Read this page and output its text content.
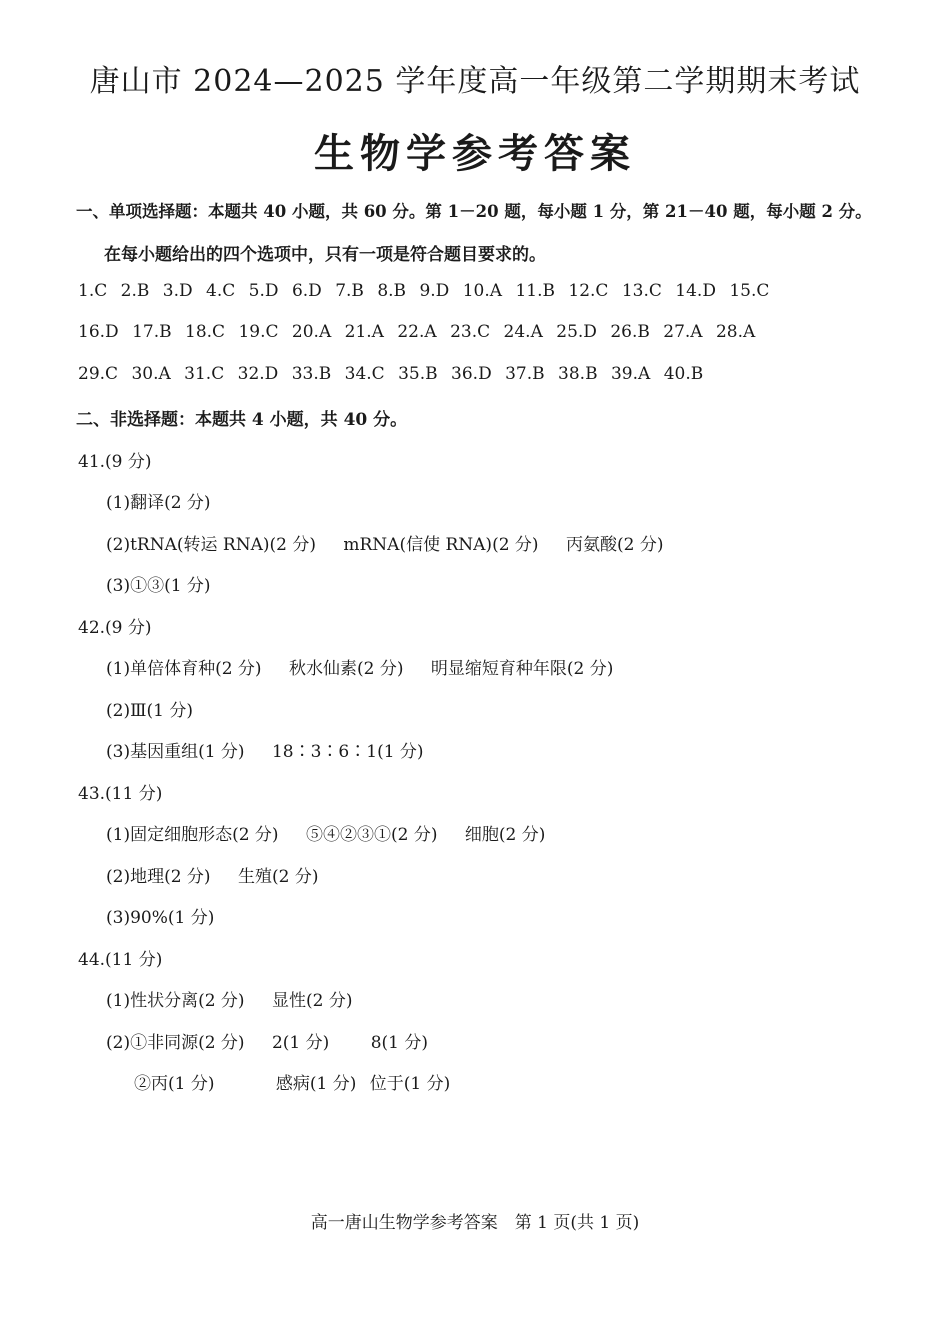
唐山市 2024—2025 学年度高一年级第二学期期末考试
生物学参考答案
一、单项选择题：本题共 40 小题，共 60 分。第 1－20 题，每小题 1 分，第 21－40 题，每小题 2 分。
在每小题给出的四个选项中，只有一项是符合题目要求的。
1.C 2.B 3.D 4.C 5.D 6.D 7.B 8.B 9.D 10.A 11.B 12.C 13.C 14.D 15.C
16.D 17.B 18.C 19.C 20.A 21.A 22.A 23.C 24.A 25.D 26.B 27.A 28.A
29.C 30.A 31.C 32.D 33.B 34.C 35.B 36.D 37.B 38.B 39.A 40.B
二、非选择题：本题共 4 小题，共 40 分。
41.(9 分)
(1)翻译(2 分)
(2)tRNA(转运 RNA)(2 分) mRNA(信使 RNA)(2 分) 丙氨酸(2 分)
(3)①③(1 分)
42.(9 分)
(1)单倍体育种(2 分) 秋水仙素(2 分) 明显缩短育种年限(2 分)
(2)Ⅲ(1 分)
(3)基因重组(1 分) 18∶3∶6∶1(1 分)
43.(11 分)
(1)固定细胞形态(2 分) ⑤④②③①(2 分) 细胞(2 分)
(2)地理(2 分) 生殖(2 分)
(3)90%(1 分)
44.(11 分)
(1)性状分离(2 分) 显性(2 分)
(2)①非同源(2 分) 2(1 分) 8(1 分)
②丙(1 分)	感病(1 分) 位于(1 分)
高一唐山生物学参考答案　第 1 页(共 1 页)
